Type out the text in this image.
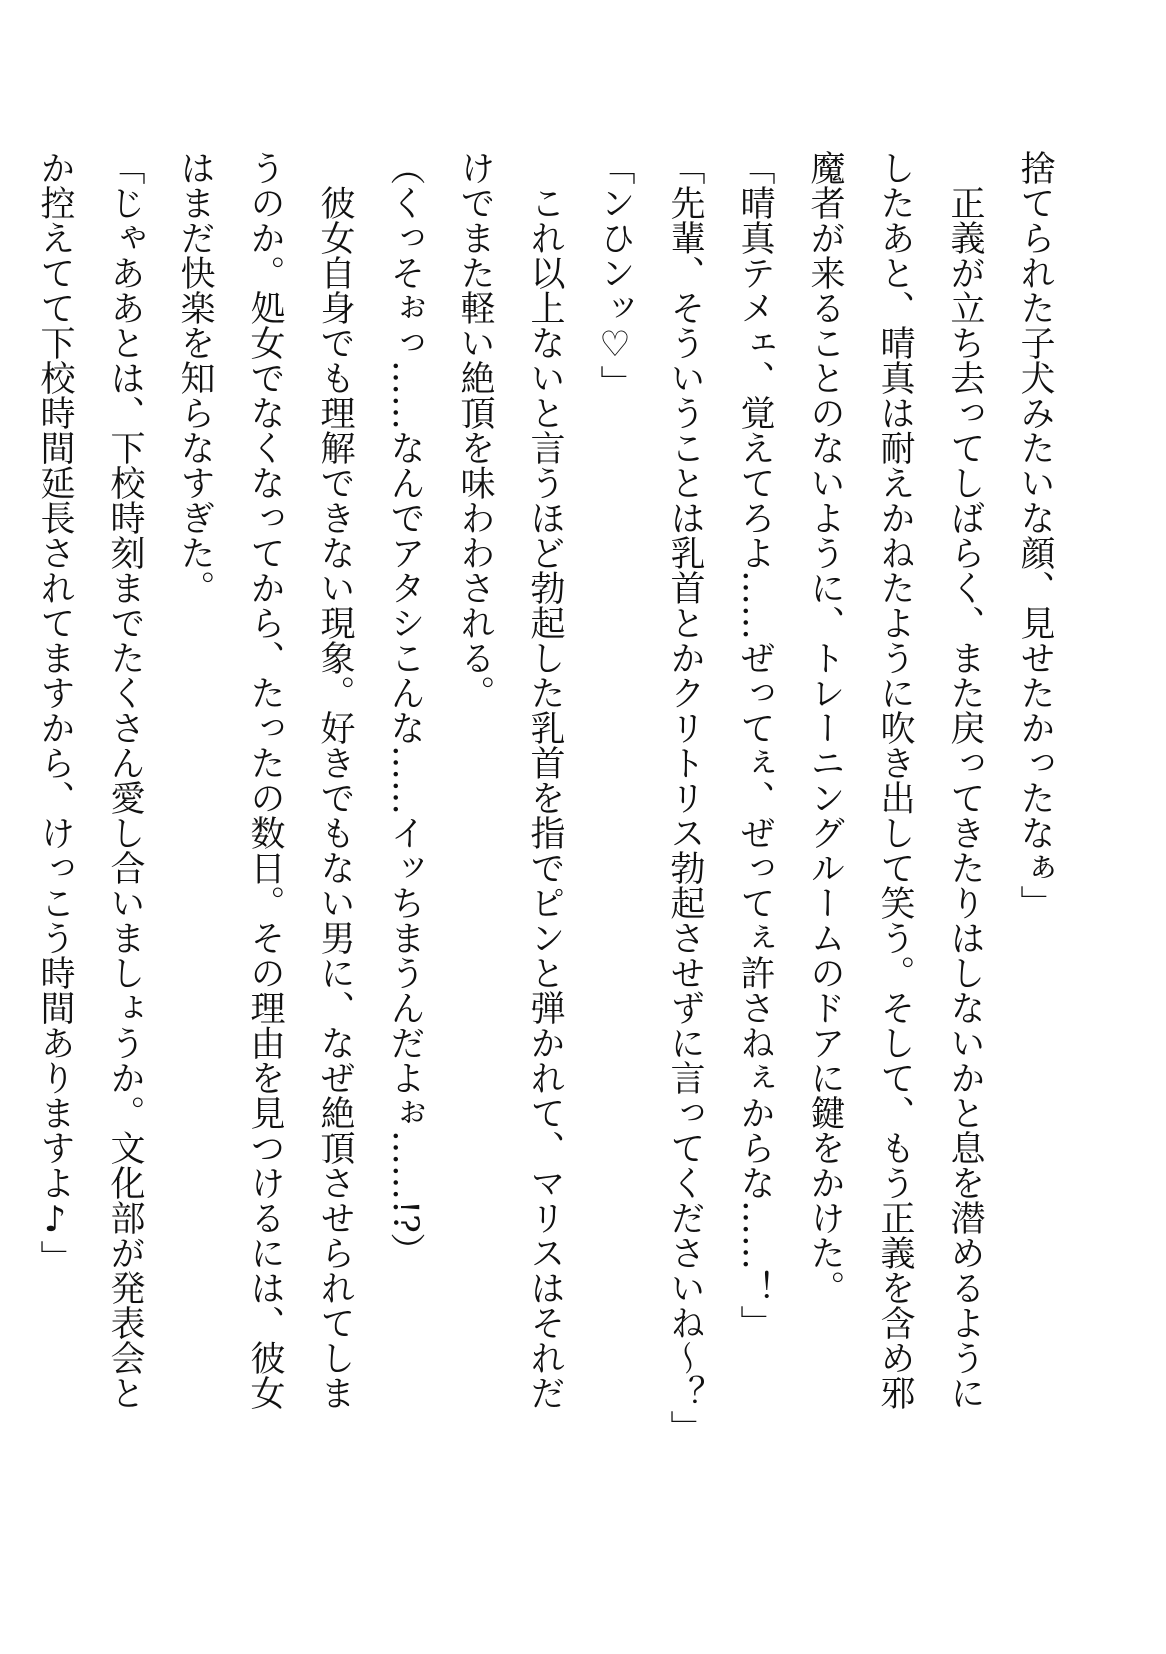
捨てられた子犬みたいな顔、見せたかったなぁ」
　正義が立ち去ってしばらく、また戻ってきたりはしないかと息を潜めるように
したあと、晴真は耐えかねたように吹き出して笑う。そして、もう正義を含め邪
魔者が来ることのないように、トレーニングルームのドアに鍵をかけた。
「晴真テメェ、覚えてろよ……ぜってぇ、ぜってぇ許さねぇからな……！」
「先輩、そういうことは乳首とかクリトリス勃起させずに言ってくださいね～？」
「ンひンッ♡」
　これ以上ないと言うほど勃起した乳首を指でピンと弾かれて、マリスはそれだ
けでまた軽い絶頂を味わわされる。
（くっそぉっ……なんでアタシこんな……イッちまうんだよぉ……!?）
　彼女自身でも理解できない現象。好きでもない男に、なぜ絶頂させられてしま
うのか。処女でなくなってから、たったの数日。その理由を見つけるには、彼女
はまだ快楽を知らなすぎた。
「じゃああとは、下校時刻までたくさん愛し合いましょうか。文化部が発表会と
か控えてて下校時間延長されてますから、けっこう時間ありますよ♪」
